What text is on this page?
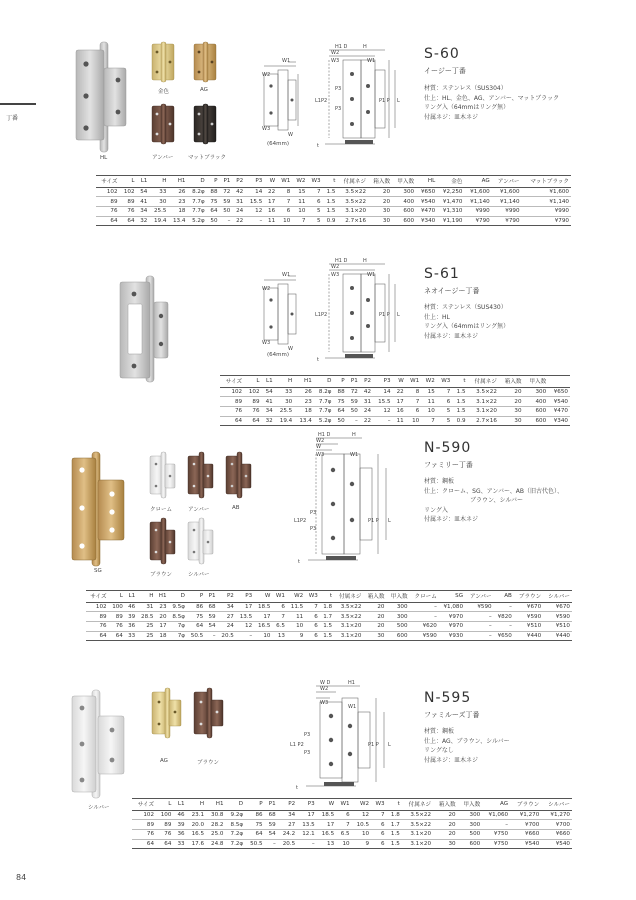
丁番
84
HL
金色	AG
アンバー	マットブラック
W2
W1
W3
W
(64mm)
H1 D	H
W2
W3
L1P2
P3
P3
P1 P L
t
W1	S-60
イージー丁番
材質：ステンレス（SUS304）
仕上：HL、金色、AG、アンバー、マットブラック
リング入（64mmはリング無）
付属ネジ：皿木ネジ
サイズ	L	L1	H	H1	D	P	P1	P2	P3	W	W1	W2	W3	t	付属ネジ	箱入数	甲入数	HL	金色	AG	アンバー	マットブラック
102	102	54	33	26	8.2φ	88	72	42	14	22	8	15	7	1.5	3.5×22	20	300	¥650	¥2,250	¥1,600	¥1,600	¥1,600
89	89	41	30	23	7.7φ	75	59	31	15.5	17	7	11	6	1.5	3.5×22	20	400	¥540	¥1,470	¥1,140	¥1,140	¥1,140
76	76	34	25.5	18	7.7φ	64	50	24	12	16	6	10	5	1.5	3.1×20	30	600	¥470	¥1,310	¥990	¥990	¥990
64	64	32	19.4	13.4	5.2φ	50	–	22	–	11	10	7	5	0.9	2.7×16	30	600	¥340	¥1,190	¥790	¥790	¥790
W2
W1
W3
W
(64mm)
H1 D	H
W2
W3
L1P2	P1 P L
t
W1	S-61
ネオイージー丁番
材質：ステンレス（SUS430）
仕上：HL
リング入（64mmはリング無）
付属ネジ：皿木ネジ
サイズ	L	L1	H	H1	D	P	P1	P2	P3	W	W1	W2	W3	t	付属ネジ	箱入数	甲入数	
102	102	54	33	26	8.2φ	88	72	42	14	22	8	15	7	1.5	3.5×22	20	300	¥650
89	89	41	30	23	7.7φ	75	59	31	15.5	17	7	11	6	1.5	3.1×22	20	400	¥540
76	76	34	25.5	18	7.7φ	64	50	24	12	16	6	10	5	1.5	3.1×20	30	600	¥470
64	64	32	19.4	13.4	5.2φ	50	–	22	–	11	10	7	5	0.9	2.7×16	30	600	¥340
SG
クローム	アンバー	AB
ブラウン	シルバー
H1 D	H
W2
W
W3
L1P2
P3
P3
P1 P L
t
W1	N-590
ファミリー丁番
材質：鋼板
仕上：クローム、SG、アンバー、AB（旧古代色）、
ブラウン、シルバー
リング入
付属ネジ：皿木ネジ
サイズ	L	L1	H	H1	D	P	P1	P2	P3	W	W1	W2	W3	t	付属ネジ	箱入数	甲入数	クローム	SG	アンバー	AB	ブラウン	シルバー
102	100	46	31	23	9.5φ	86	68	34	17	18.5	6	11.5	7	1.8	3.5×22	20	300	–	¥1,080	¥590	–	¥670	¥670
89	89	39	28.5	20	8.5φ	75	59	27	13.5	17	7	11	6	1.7	3.5×22	20	300	–	¥970	–	¥820	¥590	¥590
76	76	36	25	17	7φ	64	54	24	12	16.5	6.5	10	6	1.5	3.1×20	20	500	¥620	¥970	–	–	¥510	¥510
64	64	33	25	18	7φ	50.5	–	20.5	–	10	13	9	6	1.5	3.1×20	30	600	¥590	¥930	–	¥650	¥440	¥440
シルバー
AG	ブラウン
W D	H1
W2
W3
L1 P2
P3
P3
P1 P L
t
W1
N-595
ファミルーズ丁番
材質：鋼板
仕上：AG、ブラウン、シルバー
リングなし
付属ネジ：皿木ネジ
サイズ	L	L1	H	H1	D	P	P1	P2	P3	W	W1	W2	W3	t	付属ネジ	箱入数	甲入数	AG	ブラウン	シルバー
102	100	46	23.1	30.8	9.2φ	86	68	34	17	18.5	6	12	7	1.8	3.5×22	20	300	¥1,060	¥1,270	¥1,270
89	89	39	20.0	28.2	8.5φ	75	59	27	13.5	17	7	10.5	6	1.7	3.5×22	20	300	–	¥700	¥700
76	76	36	16.5	25.0	7.2φ	64	54	24.2	12.1	16.5	6.5	10	6	1.5	3.1×20	20	500	¥750	¥660	¥660
64	64	33	17.6	24.8	7.2φ	50.5	–	20.5	–	13	10	9	6	1.5	3.1×20	30	600	¥750	¥540	¥540
